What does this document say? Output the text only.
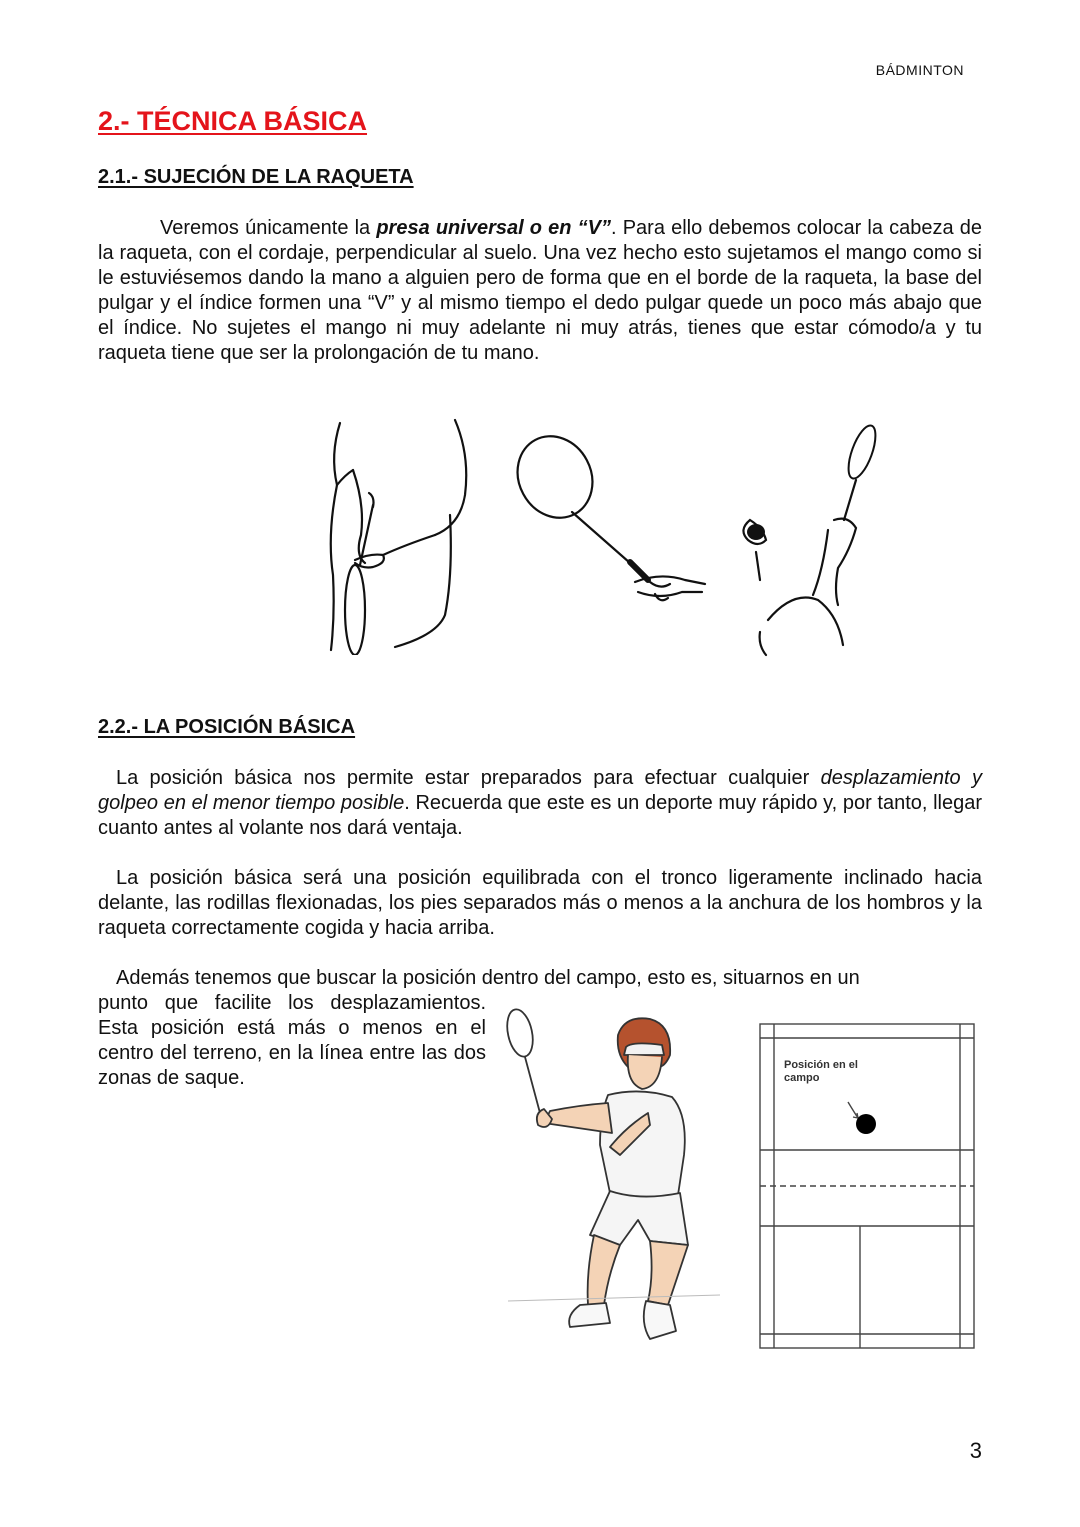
BÁDMINTON
2.- TÉCNICA BÁSICA
2.1.- SUJECIÓN DE LA RAQUETA
Veremos únicamente la presa universal o en “V”. Para ello debemos colocar la cabeza de la raqueta, con el cordaje, perpendicular al suelo. Una vez hecho esto sujetamos el mango como si le estuviésemos dando la mano a alguien pero de forma que en el borde de la raqueta, la base del pulgar y el índice formen una “V” y al mismo tiempo el dedo pulgar quede un poco más abajo que el índice. No sujetes el mango ni muy adelante ni muy atrás, tienes que estar cómodo/a y tu raqueta tiene que ser la prolongación de tu mano.
2.2.- LA POSICIÓN BÁSICA
La posición básica nos permite estar preparados para efectuar cualquier desplazamiento y golpeo en el menor tiempo posible. Recuerda que este es un deporte muy rápido y, por tanto, llegar cuanto antes al volante nos dará ventaja.
La posición básica será una posición equilibrada con el tronco ligeramente inclinado hacia delante, las rodillas flexionadas, los pies separados más o menos a la anchura de los hombros y la raqueta correctamente cogida y hacia arriba.
Además tenemos que buscar la posición dentro del campo, esto es, situarnos en un
punto que facilite los desplazamientos. Esta posición está más o menos en el centro del terreno, en la línea entre las dos zonas de saque.
Posición en el
campo
3
